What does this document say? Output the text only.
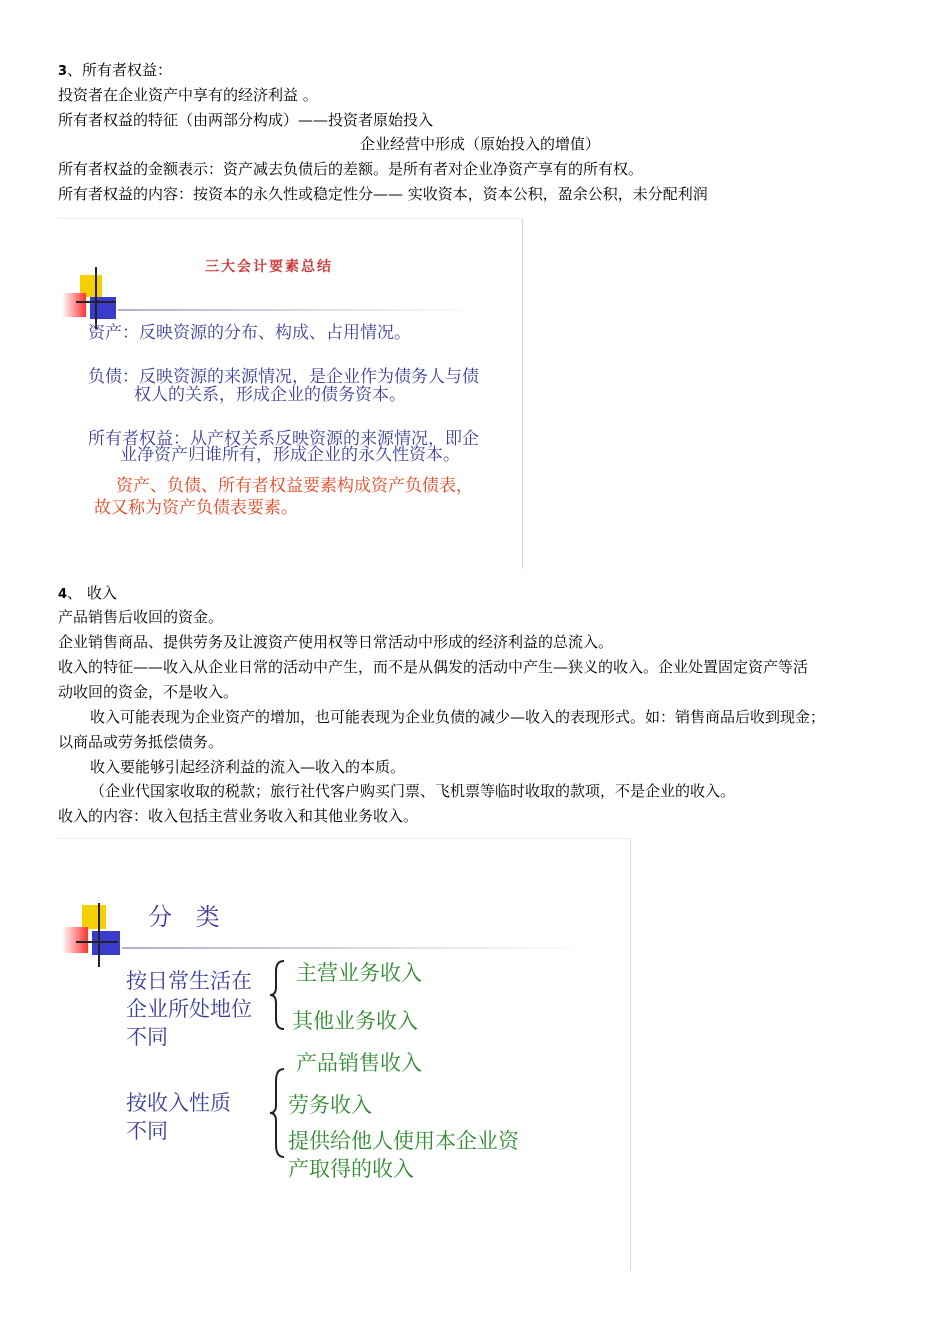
3、所有者权益：
投资者在企业资产中享有的经济利益 。
所有者权益的特征（由两部分构成）——投资者原始投入
企业经营中形成（原始投入的增值）
所有者权益的金额表示：资产减去负债后的差额。是所有者对企业净资产享有的所有权。
所有者权益的内容：按资本的永久性或稳定性分—— 实收资本，资本公积，盈余公积，未分配利润
三大会计要素总结
资产：反映资源的分布、构成、占用情况。
负债：反映资源的来源情况，是企业作为债务人与债
权人的关系，形成企业的债务资本。
所有者权益：从产权关系反映资源的来源情况，即企
业净资产归谁所有，形成企业的永久性资本。
资产、负债、所有者权益要素构成资产负债表，
故又称为资产负债表要素。
4、 收入
产品销售后收回的资金。
企业销售商品、提供劳务及让渡资产使用权等日常活动中形成的经济利益的总流入。
收入的特征——收入从企业日常的活动中产生，而不是从偶发的活动中产生—狭义的收入。企业处置固定资产等活
动收回的资金，不是收入。
收入可能表现为企业资产的增加，也可能表现为企业负债的减少—收入的表现形式。如：销售商品后收到现金；
以商品或劳务抵偿债务。
收入要能够引起经济利益的流入—收入的本质。
（企业代国家收取的税款；旅行社代客户购买门票、飞机票等临时收取的款项，不是企业的收入。
收入的内容：收入包括主营业务收入和其他业务收入。
分 类
按日常生活在
企业所处地位
不同
主营业务收入
其他业务收入
按收入性质
不同
产品销售收入
劳务收入
提供给他人使用本企业资
产取得的收入
